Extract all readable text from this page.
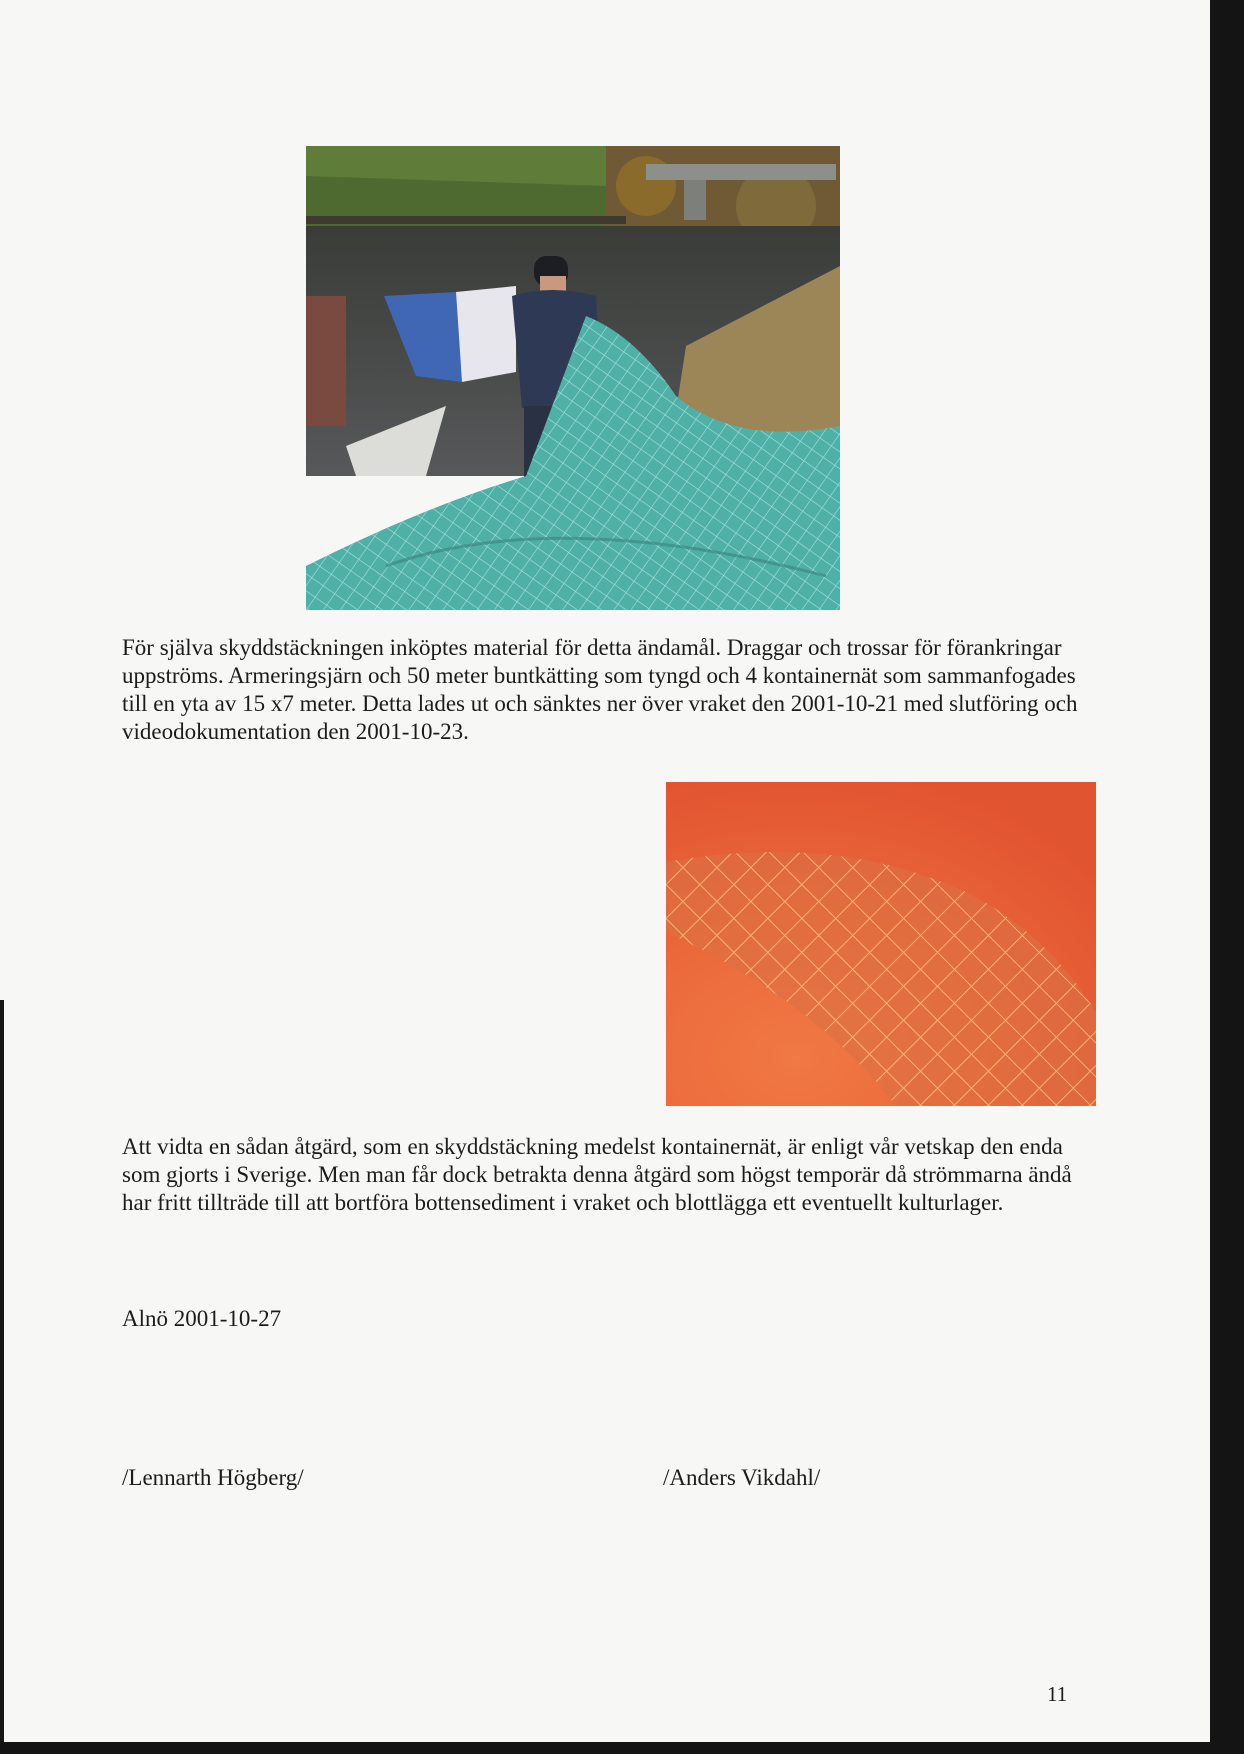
För själva skyddstäckningen inköptes material för detta ändamål. Draggar och trossar för förankringar uppströms. Armeringsjärn och 50 meter buntkätting som tyngd och 4 kontainernät som sammanfogades till en yta av 15 x7 meter. Detta lades ut och sänktes ner över vraket den 2001-10-21 med slutföring och videodokumentation den 2001-10-23.

Att vidta en sådan åtgärd, som en skyddstäckning medelst kontainernät, är enligt vår vetskap den enda som gjorts i Sverige. Men man får dock betrakta denna åtgärd som högst temporär då strömmarna ändå har fritt tillträde till att bortföra bottensediment i vraket och blottlägga ett eventuellt kulturlager.

Alnö 2001-10-27
/Lennarth Högberg/	/Anders Vikdahl/
11
